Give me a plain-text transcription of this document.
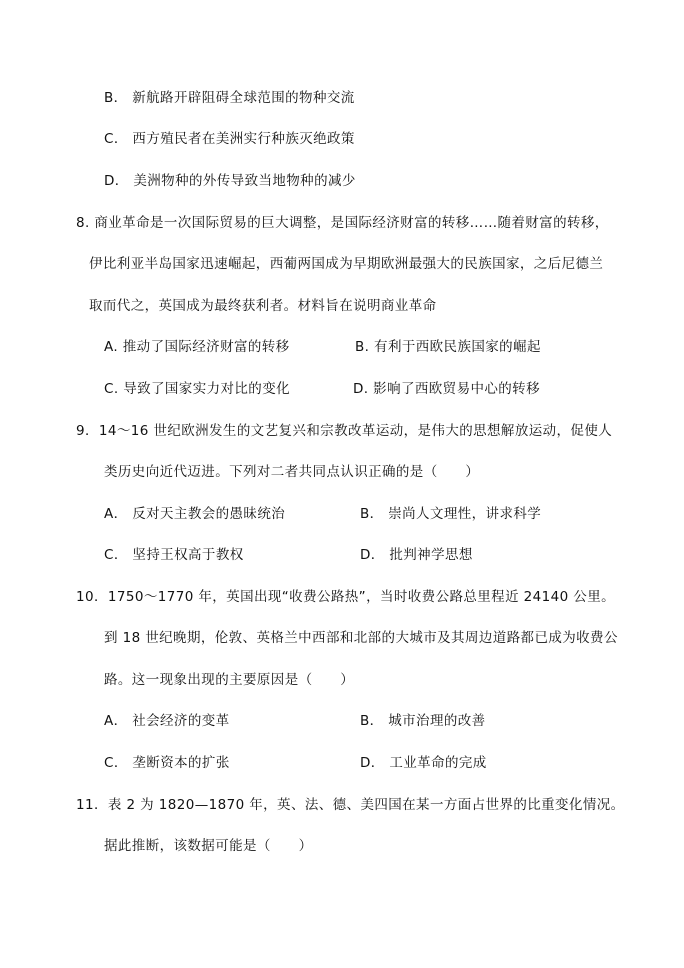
B． 新航路开辟阻碍全球范围的物种交流
C． 西方殖民者在美洲实行种族灭绝政策
D． 美洲物种的外传导致当地物种的减少
8. 商业革命是一次国际贸易的巨大调整，是国际经济财富的转移……随着财富的转移，
伊比利亚半岛国家迅速崛起，西葡两国成为早期欧洲最强大的民族国家，之后尼德兰
取而代之，英国成为最终获利者。材料旨在说明商业革命
A. 推动了国际经济财富的转移	B. 有利于西欧民族国家的崛起
C. 导致了国家实力对比的变化	D. 影响了西欧贸易中心的转移
9．14～16 世纪欧洲发生的文艺复兴和宗教改革运动，是伟大的思想解放运动，促使人
类历史向近代迈进。下列对二者共同点认识正确的是（　　）
A． 反对天主教会的愚昧统治	B． 崇尚人文理性，讲求科学
C． 坚持王权高于教权	D． 批判神学思想
10．1750～1770 年，英国出现“收费公路热”，当时收费公路总里程近 24140 公里。
到 18 世纪晚期，伦敦、英格兰中西部和北部的大城市及其周边道路都已成为收费公
路。这一现象出现的主要原因是（　　）
A． 社会经济的变革	B． 城市治理的改善
C． 垄断资本的扩张	D． 工业革命的完成
11．表 2 为 1820—1870 年，英、法、德、美四国在某一方面占世界的比重变化情况。
据此推断，该数据可能是（　　）
